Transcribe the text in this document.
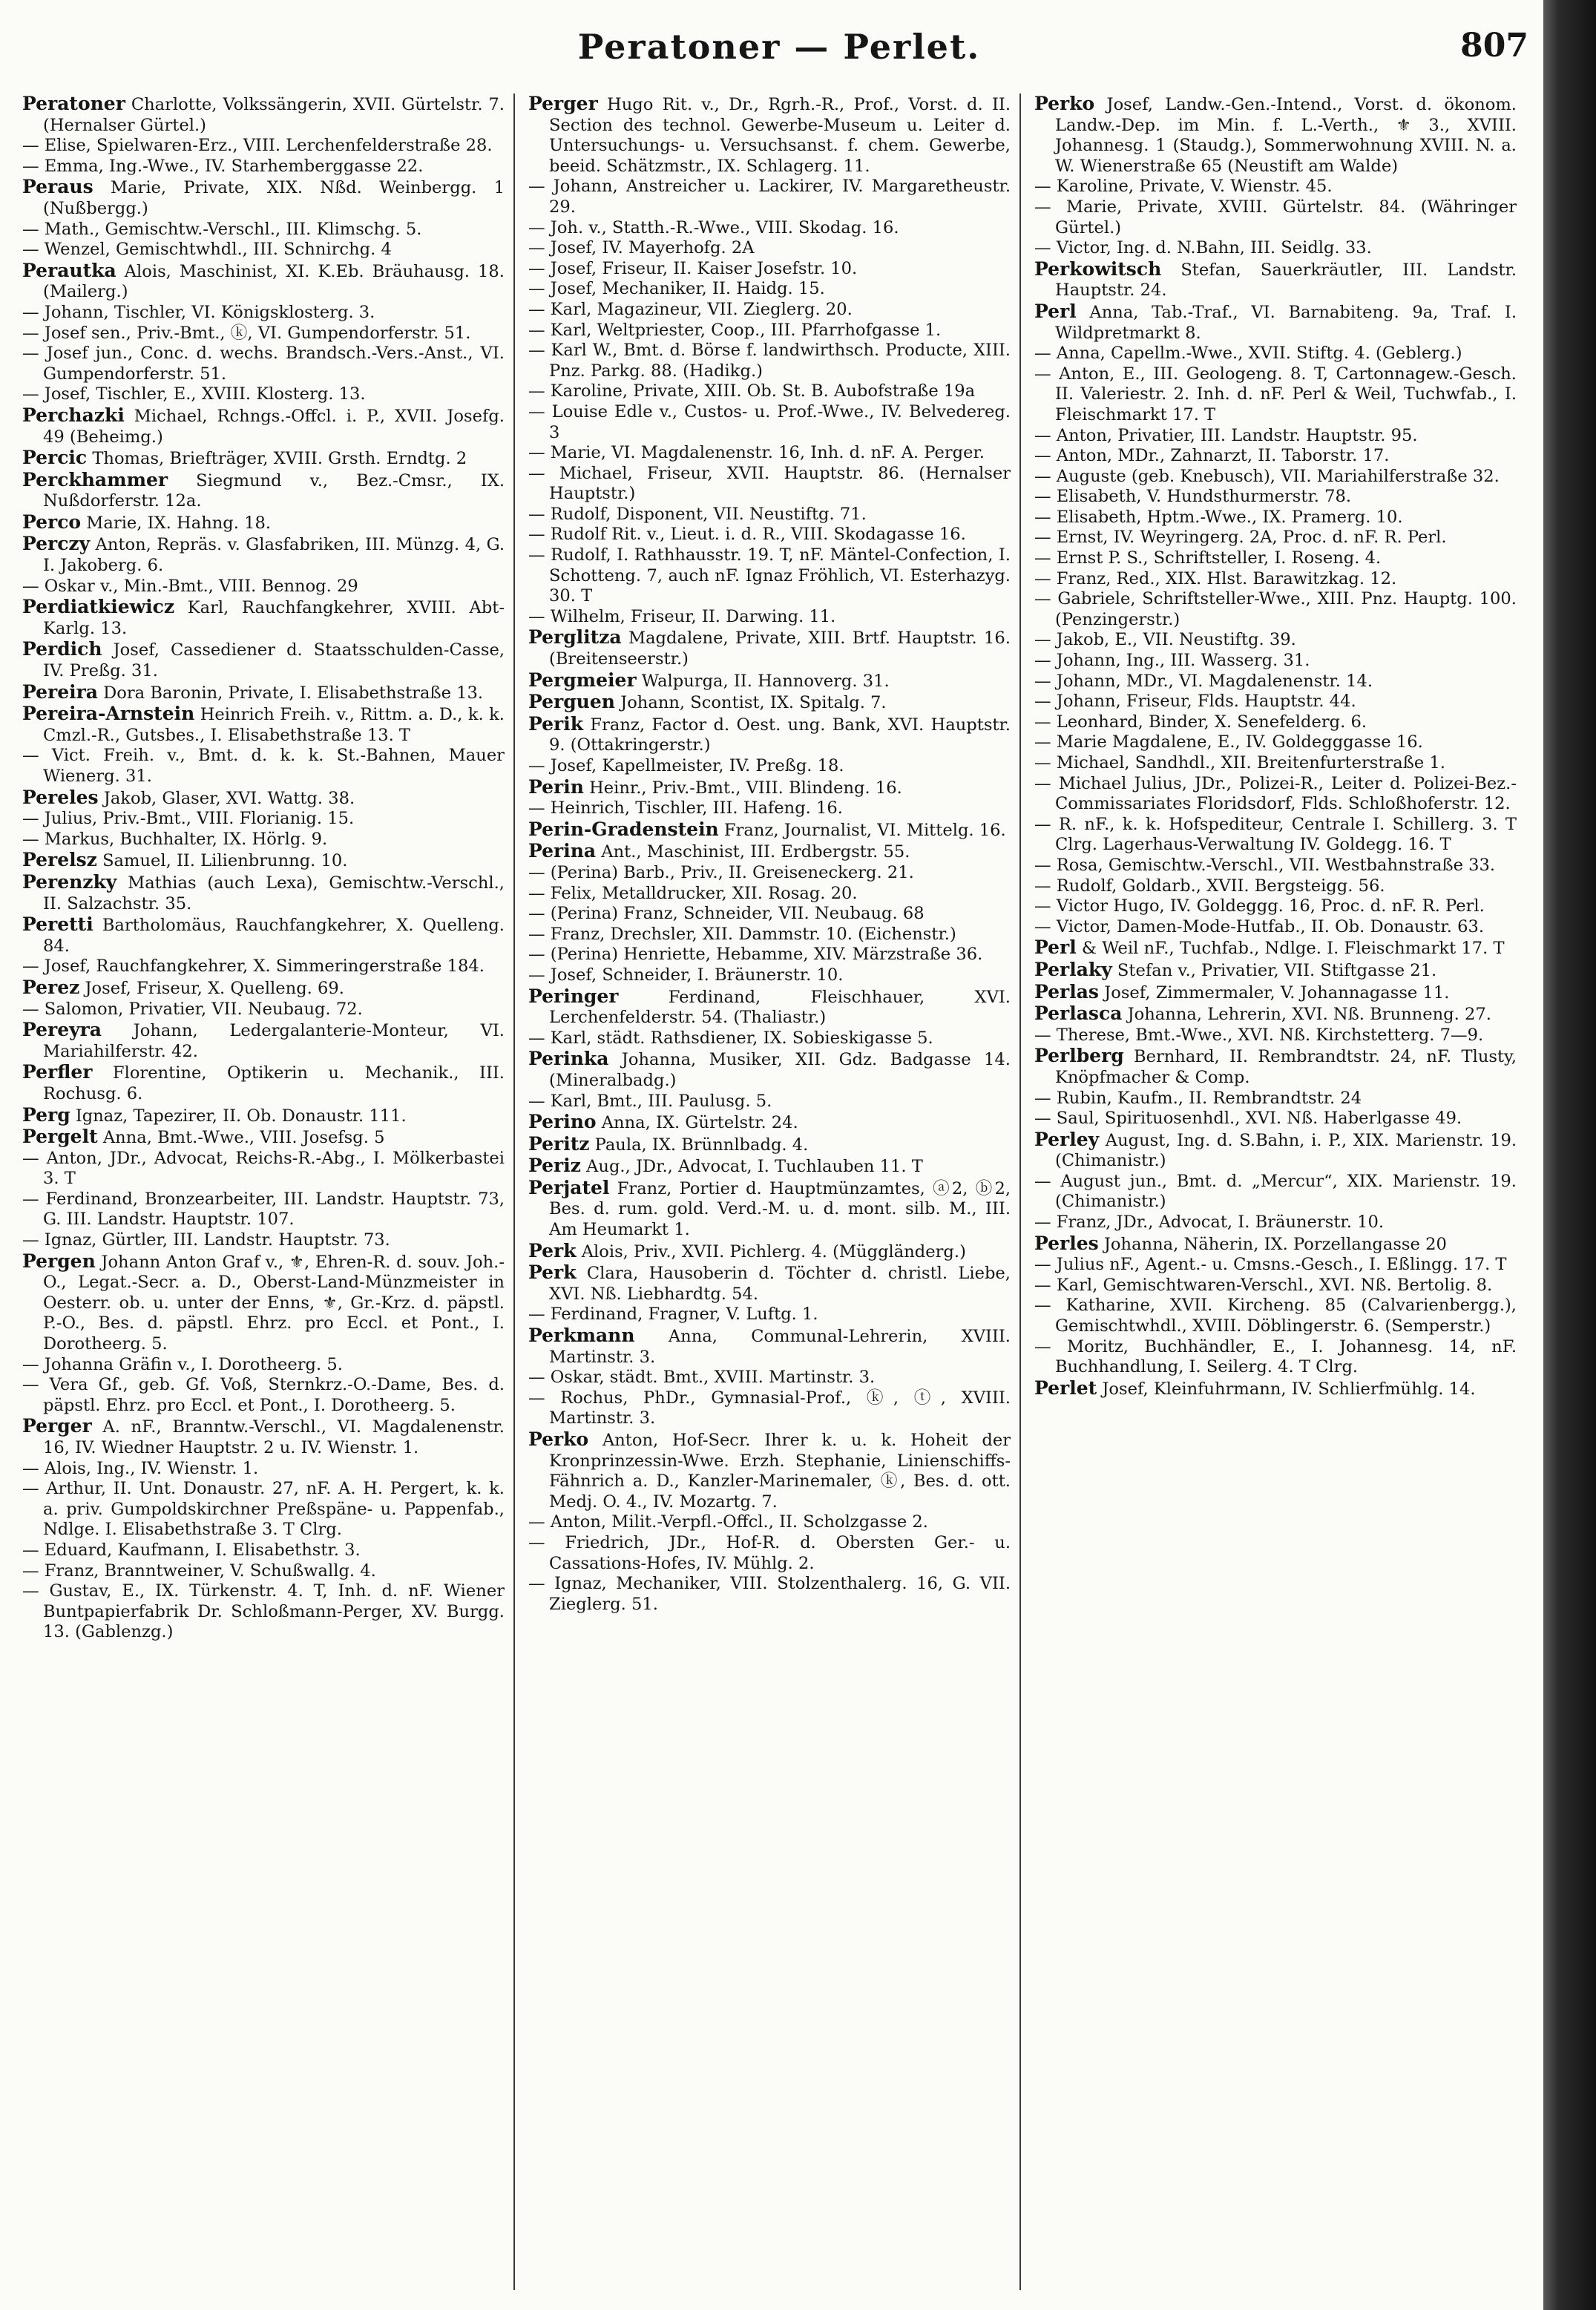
Peratoner — Perlet.	807
Peratoner Charlotte, Volkssängerin, XVII. Gürtelstr. 7. (Hernalser Gürtel.)
— Elise, Spielwaren-Erz., VIII. Lerchenfelderstraße 28.
— Emma, Ing.-Wwe., IV. Starhemberggasse 22.
Peraus Marie, Private, XIX. Nßd. Weinbergg. 1 (Nußbergg.)
— Math., Gemischtw.-Verschl., III. Klimschg. 5.
— Wenzel, Gemischtwhdl., III. Schnirchg. 4
Perautka Alois, Maschinist, XI. K.Eb. Bräuhausg. 18. (Mailerg.)
— Johann, Tischler, VI. Königsklosterg. 3.
— Josef sen., Priv.-Bmt., ⓚ, VI. Gumpendorferstr. 51.
— Josef jun., Conc. d. wechs. Brandsch.-Vers.-Anst., VI. Gumpendorferstr. 51.
— Josef, Tischler, E., XVIII. Klosterg. 13.
Perchazki Michael, Rchngs.-Offcl. i. P., XVII. Josefg. 49 (Beheimg.)
Percic Thomas, Briefträger, XVIII. Grsth. Erndtg. 2
Perckhammer Siegmund v., Bez.-Cmsr., IX. Nußdorferstr. 12a.
Perco Marie, IX. Hahng. 18.
Perczy Anton, Repräs. v. Glasfabriken, III. Münzg. 4, G. I. Jakoberg. 6.
— Oskar v., Min.-Bmt., VIII. Bennog. 29
Perdiatkiewicz Karl, Rauchfangkehrer, XVIII. Abt-Karlg. 13.
Perdich Josef, Cassediener d. Staatsschulden-Casse, IV. Preßg. 31.
Pereira Dora Baronin, Private, I. Elisabethstraße 13.
Pereira-Arnstein Heinrich Freih. v., Rittm. a. D., k. k. Cmzl.-R., Gutsbes., I. Elisabethstraße 13. T
— Vict. Freih. v., Bmt. d. k. k. St.-Bahnen, Mauer Wienerg. 31.
Pereles Jakob, Glaser, XVI. Wattg. 38.
— Julius, Priv.-Bmt., VIII. Florianig. 15.
— Markus, Buchhalter, IX. Hörlg. 9.
Perelsz Samuel, II. Lilienbrunng. 10.
Perenzky Mathias (auch Lexa), Gemischtw.-Verschl., II. Salzachstr. 35.
Peretti Bartholomäus, Rauchfangkehrer, X. Quelleng. 84.
— Josef, Rauchfangkehrer, X. Simmeringerstraße 184.
Perez Josef, Friseur, X. Quelleng. 69.
— Salomon, Privatier, VII. Neubaug. 72.
Pereyra Johann, Ledergalanterie-Monteur, VI. Mariahilferstr. 42.
Perfler Florentine, Optikerin u. Mechanik., III. Rochusg. 6.
Perg Ignaz, Tapezirer, II. Ob. Donaustr. 111.
Pergelt Anna, Bmt.-Wwe., VIII. Josefsg. 5
— Anton, JDr., Advocat, Reichs-R.-Abg., I. Mölkerbastei 3. T
— Ferdinand, Bronzearbeiter, III. Landstr. Hauptstr. 73, G. III. Landstr. Hauptstr. 107.
— Ignaz, Gürtler, III. Landstr. Hauptstr. 73.
Pergen Johann Anton Graf v., ⚜, Ehren-R. d. souv. Joh.-O., Legat.-Secr. a. D., Oberst-Land-Münzmeister in Oesterr. ob. u. unter der Enns, ⚜, Gr.-Krz. d. päpstl. P.-O., Bes. d. päpstl. Ehrz. pro Eccl. et Pont., I. Dorotheerg. 5.
— Johanna Gräfin v., I. Dorotheerg. 5.
— Vera Gf., geb. Gf. Voß, Sternkrz.-O.-Dame, Bes. d. päpstl. Ehrz. pro Eccl. et Pont., I. Dorotheerg. 5.
Perger A. nF., Branntw.-Verschl., VI. Magdalenenstr. 16, IV. Wiedner Hauptstr. 2 u. IV. Wienstr. 1.
— Alois, Ing., IV. Wienstr. 1.
— Arthur, II. Unt. Donaustr. 27, nF. A. H. Pergert, k. k. a. priv. Gumpoldskirchner Preßspäne- u. Pappenfab., Ndlge. I. Elisabethstraße 3. T Clrg.
— Eduard, Kaufmann, I. Elisabethstr. 3.
— Franz, Branntweiner, V. Schußwallg. 4.
— Gustav, E., IX. Türkenstr. 4. T, Inh. d. nF. Wiener Buntpapierfabrik Dr. Schloßmann-Perger, XV. Burgg. 13. (Gablenzg.)
Perger Hugo Rit. v., Dr., Rgrh.-R., Prof., Vorst. d. II. Section des technol. Gewerbe-Museum u. Leiter d. Untersuchungs- u. Versuchsanst. f. chem. Gewerbe, beeid. Schätzmstr., IX. Schlagerg. 11.
— Johann, Anstreicher u. Lackirer, IV. Margaretheustr. 29.
— Joh. v., Statth.-R.-Wwe., VIII. Skodag. 16.
— Josef, IV. Mayerhofg. 2A
— Josef, Friseur, II. Kaiser Josefstr. 10.
— Josef, Mechaniker, II. Haidg. 15.
— Karl, Magazineur, VII. Zieglerg. 20.
— Karl, Weltpriester, Coop., III. Pfarrhofgasse 1.
— Karl W., Bmt. d. Börse f. landwirthsch. Producte, XIII. Pnz. Parkg. 88. (Hadikg.)
— Karoline, Private, XIII. Ob. St. B. Aubofstraße 19a
— Louise Edle v., Custos- u. Prof.-Wwe., IV. Belvedereg. 3
— Marie, VI. Magdalenenstr. 16, Inh. d. nF. A. Perger.
— Michael, Friseur, XVII. Hauptstr. 86. (Hernalser Hauptstr.)
— Rudolf, Disponent, VII. Neustiftg. 71.
— Rudolf Rit. v., Lieut. i. d. R., VIII. Skodagasse 16.
— Rudolf, I. Rathhausstr. 19. T, nF. Mäntel-Confection, I. Schotteng. 7, auch nF. Ignaz Fröhlich, VI. Esterhazyg. 30. T
— Wilhelm, Friseur, II. Darwing. 11.
Perglitza Magdalene, Private, XIII. Brtf. Hauptstr. 16. (Breitenseerstr.)
Pergmeier Walpurga, II. Hannoverg. 31.
Perguen Johann, Scontist, IX. Spitalg. 7.
Perik Franz, Factor d. Oest. ung. Bank, XVI. Hauptstr. 9. (Ottakringerstr.)
— Josef, Kapellmeister, IV. Preßg. 18.
Perin Heinr., Priv.-Bmt., VIII. Blindeng. 16.
— Heinrich, Tischler, III. Hafeng. 16.
Perin-Gradenstein Franz, Journalist, VI. Mittelg. 16.
Perina Ant., Maschinist, III. Erdbergstr. 55.
— (Perina) Barb., Priv., II. Greiseneckerg. 21.
— Felix, Metalldrucker, XII. Rosag. 20.
— (Perina) Franz, Schneider, VII. Neubaug. 68
— Franz, Drechsler, XII. Dammstr. 10. (Eichenstr.)
— (Perina) Henriette, Hebamme, XIV. Märzstraße 36.
— Josef, Schneider, I. Bräunerstr. 10.
Peringer Ferdinand, Fleischhauer, XVI. Lerchenfelderstr. 54. (Thaliastr.)
— Karl, städt. Rathsdiener, IX. Sobieskigasse 5.
Perinka Johanna, Musiker, XII. Gdz. Badgasse 14. (Mineralbadg.)
— Karl, Bmt., III. Paulusg. 5.
Perino Anna, IX. Gürtelstr. 24.
Peritz Paula, IX. Brünnlbadg. 4.
Periz Aug., JDr., Advocat, I. Tuchlauben 11. T
Perjatel Franz, Portier d. Hauptmünzamtes, ⓐ2, ⓑ2, Bes. d. rum. gold. Verd.-M. u. d. mont. silb. M., III. Am Heumarkt 1.
Perk Alois, Priv., XVII. Pichlerg. 4. (Müggländerg.)
Perk Clara, Hausoberin d. Töchter d. christl. Liebe, XVI. Nß. Liebhardtg. 54.
— Ferdinand, Fragner, V. Luftg. 1.
Perkmann Anna, Communal-Lehrerin, XVIII. Martinstr. 3.
— Oskar, städt. Bmt., XVIII. Martinstr. 3.
— Rochus, PhDr., Gymnasial-Prof., ⓚ, ⓣ, XVIII. Martinstr. 3.
Perko Anton, Hof-Secr. Ihrer k. u. k. Hoheit der Kronprinzessin-Wwe. Erzh. Stephanie, Linienschiffs-Fähnrich a. D., Kanzler-Marinemaler, ⓚ, Bes. d. ott. Medj. O. 4., IV. Mozartg. 7.
— Anton, Milit.-Verpfl.-Offcl., II. Scholzgasse 2.
— Friedrich, JDr., Hof-R. d. Obersten Ger.- u. Cassations-Hofes, IV. Mühlg. 2.
— Ignaz, Mechaniker, VIII. Stolzenthalerg. 16, G. VII. Zieglerg. 51.
Perko Josef, Landw.-Gen.-Intend., Vorst. d. ökonom. Landw.-Dep. im Min. f. L.-Verth., ⚜ 3., XVIII. Johannesg. 1 (Staudg.), Sommerwohnung XVIII. N. a. W. Wienerstraße 65 (Neustift am Walde)
— Karoline, Private, V. Wienstr. 45.
— Marie, Private, XVIII. Gürtelstr. 84. (Währinger Gürtel.)
— Victor, Ing. d. N.Bahn, III. Seidlg. 33.
Perkowitsch Stefan, Sauerkräutler, III. Landstr. Hauptstr. 24.
Perl Anna, Tab.-Traf., VI. Barnabiteng. 9a, Traf. I. Wildpretmarkt 8.
— Anna, Capellm.-Wwe., XVII. Stiftg. 4. (Geblerg.)
— Anton, E., III. Geologeng. 8. T, Cartonnagew.-Gesch. II. Valeriestr. 2. Inh. d. nF. Perl & Weil, Tuchwfab., I. Fleischmarkt 17. T
— Anton, Privatier, III. Landstr. Hauptstr. 95.
— Anton, MDr., Zahnarzt, II. Taborstr. 17.
— Auguste (geb. Knebusch), VII. Mariahilferstraße 32.
— Elisabeth, V. Hundsthurmerstr. 78.
— Elisabeth, Hptm.-Wwe., IX. Pramerg. 10.
— Ernst, IV. Weyringerg. 2A, Proc. d. nF. R. Perl.
— Ernst P. S., Schriftsteller, I. Roseng. 4.
— Franz, Red., XIX. Hlst. Barawitzkag. 12.
— Gabriele, Schriftsteller-Wwe., XIII. Pnz. Hauptg. 100. (Penzingerstr.)
— Jakob, E., VII. Neustiftg. 39.
— Johann, Ing., III. Wasserg. 31.
— Johann, MDr., VI. Magdalenenstr. 14.
— Johann, Friseur, Flds. Hauptstr. 44.
— Leonhard, Binder, X. Senefelderg. 6.
— Marie Magdalene, E., IV. Goldegggasse 16.
— Michael, Sandhdl., XII. Breitenfurterstraße 1.
— Michael Julius, JDr., Polizei-R., Leiter d. Polizei-Bez.-Commissariates Floridsdorf, Flds. Schloßhoferstr. 12.
— R. nF., k. k. Hofspediteur, Centrale I. Schillerg. 3. T Clrg. Lagerhaus-Verwaltung IV. Goldegg. 16. T
— Rosa, Gemischtw.-Verschl., VII. Westbahnstraße 33.
— Rudolf, Goldarb., XVII. Bergsteigg. 56.
— Victor Hugo, IV. Goldeggg. 16, Proc. d. nF. R. Perl.
— Victor, Damen-Mode-Hutfab., II. Ob. Donaustr. 63.
Perl & Weil nF., Tuchfab., Ndlge. I. Fleischmarkt 17. T
Perlaky Stefan v., Privatier, VII. Stiftgasse 21.
Perlas Josef, Zimmermaler, V. Johannagasse 11.
Perlasca Johanna, Lehrerin, XVI. Nß. Brunneng. 27.
— Therese, Bmt.-Wwe., XVI. Nß. Kirchstetterg. 7—9.
Perlberg Bernhard, II. Rembrandtstr. 24, nF. Tlusty, Knöpfmacher & Comp.
— Rubin, Kaufm., II. Rembrandtstr. 24
— Saul, Spirituosenhdl., XVI. Nß. Haberlgasse 49.
Perley August, Ing. d. S.Bahn, i. P., XIX. Marienstr. 19. (Chimanistr.)
— August jun., Bmt. d. „Mercur“, XIX. Marienstr. 19. (Chimanistr.)
— Franz, JDr., Advocat, I. Bräunerstr. 10.
Perles Johanna, Näherin, IX. Porzellangasse 20
— Julius nF., Agent.- u. Cmsns.-Gesch., I. Eßlingg. 17. T
— Karl, Gemischtwaren-Verschl., XVI. Nß. Bertolig. 8.
— Katharine, XVII. Kircheng. 85 (Calvarienbergg.), Gemischtwhdl., XVIII. Döblingerstr. 6. (Semperstr.)
— Moritz, Buchhändler, E., I. Johannesg. 14, nF. Buchhandlung, I. Seilerg. 4. T Clrg.
Perlet Josef, Kleinfuhrmann, IV. Schlierfmühlg. 14.
